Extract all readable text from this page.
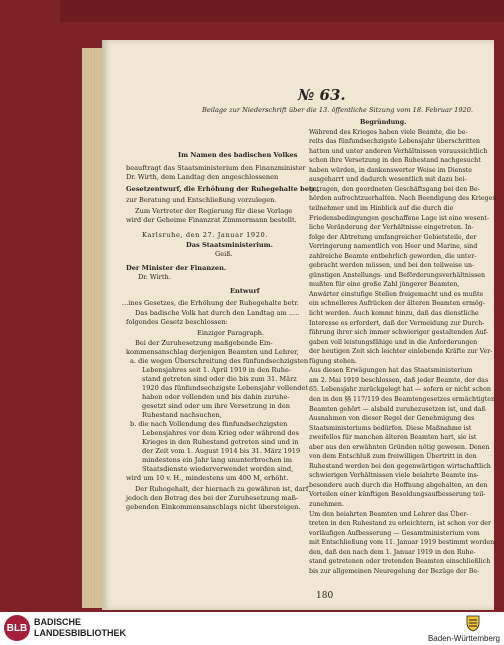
№ 63.
Beilage zur Niederschrift über die 13. öffentliche Sitzung vom 18. Februar 1920.
Im Namen des badischen Volkes
beauftragt das Staatsministerium den Finanzminister
Dr. Wirth, dem Landtag den angeschlossenen
Gesetzentwurf, die Erhöhung der Ruhegehalte betr.,
zur Beratung und Entschließung vorzulegen.
Zum Vertreter der Regierung für diese Vorlage
wird der Geheime Finanzrat Zimmermann bestellt.
Karlsruhe, den 27. Januar 1920.
Das Staatsministerium.
Geiß.
Der Minister der Finanzen.
Dr. Wirth.
Entwurf
...ines Gesetzes, die Erhöhung der Ruhegehalte betr.
Das badische Volk hat durch den Landtag am .....
folgendes Gesetz beschlossen:
Einziger Paragraph.
Bei der Zuruhesetzung maßgebende Ein-
kommensanschlag derjenigen Beamten und Lehrer,
a. die wegen Überschreitung des fünfundsechzigsten
Lebensjahres seit 1. April 1919 in den Ruhe-
stand getreten sind oder die bis zum 31. März
1920 das fünfundsechzigste Lebensjahr vollendet
haben oder vollenden und bis dahin zuruhe-
gesetzt sind oder um ihre Versetzung in den
Ruhestand nachsuchen,
b. die nach Vollendung des fünfundsechzigsten
Lebensjahres vor dem Krieg oder während des
Krieges in den Ruhestand getreten sind und in
der Zeit vom 1. August 1914 bis 31. März 1919
mindestens ein Jahr lang ununterbrochen im
Staatsdienste wiederverwendet worden sind,
wird um 10 v. H., mindestens um 400 M, erhöht.
Der Ruhegehalt, der hiernach zu gewähren ist, darf
jedoch den Betrag des bei der Zuruhesetzung maß-
gebenden Einkommensanschlags nicht übersteigen.
Begründung.
Während des Krieges haben viele Beamte, die be-
reits das fünfundsechzigste Lebensjahr überschritten
hatten und unter anderen Verhältnissen voraussichtlich
schon ihre Versetzung in den Ruhestand nachgesucht
haben würden, in dankenswerter Weise im Dienste
ausgeharrt und dadurch wesentlich mit dazu bei-
getragen, den geordneten Geschäftsgang bei den Be-
hörden aufrechtzuerhalten. Nach Beendigung des Krieges
teilnehmer und im Hinblick auf die durch die
Friedensbedingungen geschaffene Lage ist eine wesent-
liche Veränderung der Verhältnisse eingetreten. In-
folge der Abtretung umfangreicher Gebietsteile, der
Verringerung namentlich von Heer und Marine, sind
zahlreiche Beamte entbehrlich geworden, die unter-
gebracht werden müssen, und bei den teilweise un-
günstigen Anstellungs- und Beförderungsverhältnissen
mußten für eine große Zahl jüngerer Beamten,
Anwärter einstufige Stellen freigemacht und es mußte
ein schnelleres Aufrücken der älteren Beamten ermög-
licht werden. Auch kommt hinzu, daß das dienstliche
Interesse es erfordert, daß der Vermeidung zur Durch-
führung ihrer sich immer schwieriger gestaltenden Auf-
gaben voll leistungsfähige und in die Anforderungen
der heutigen Zeit sich leichter einlebende Kräfte zur Ver-
fügung stehen.
Aus diesen Erwägungen hat das Staatsministerium
am 2. Mai 1919 beschlossen, daß jeder Beamte, der das
65. Lebensjahr zurückgelegt hat — sofern er nicht schon
den in den §§ 117/119 des Beamtengesetzes ermächtigten
Beamten gehört — alsbald zuruhezusetzen ist, und daß
Ausnahmen von dieser Regel der Genehmigung des
Staatsministeriums bedürfen. Diese Maßnahme ist
zweifellos für manchen älteren Beamten hart, sie ist
aber aus den erwähnten Gründen nötig gewesen. Denen
von dem Entschluß zum freiwilligen Übertritt in den
Ruhestand werden bei den gegenwärtigen wirtschaftlich
schwierigen Verhältnissen viele beiahrte Beamte ins-
besondere auch durch die Hoffnung abgehalten, an den
Vorteilen einer künftigen Besoldungsaufbesserung teil-
zunehmen.
Um den beiahrten Beamten und Lehrer das Über-
treten in den Ruhestand zu erleichtern, ist schon vor der
vorläufigen Aufbesserung — Gesamtministerium vom
mit Entschließung vom 11. Januar 1919 bestimmt worden,
den, daß den nach dem 1. Januar 1919 in den Ruhe-
stand getretenen oder tretenden Beamten einschließlich
bis zur allgemeinen Neuregelung der Bezüge der Be-
180
BLB
BADISCHE
LANDESBIBLIOTHEK
Baden-Württemberg
